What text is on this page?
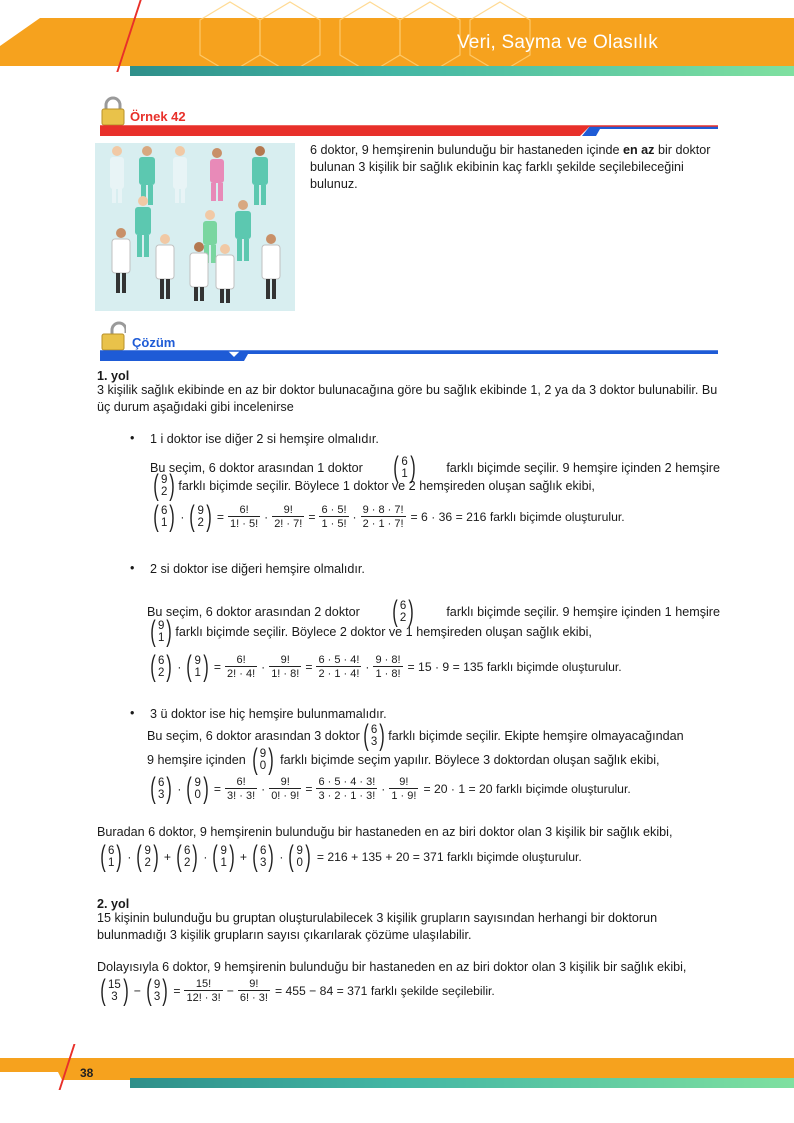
Veri, Sayma ve Olasılık
Örnek 42
6 doktor, 9 hemşirenin bulunduğu bir hastaneden içinde en az bir doktor bulunan 3 kişilik bir sağlık ekibinin kaç farklı şekilde seçilebileceğini bulunuz.
Çözüm
1. yol
3 kişilik sağlık ekibinde en az bir doktor bulunacağına göre bu sağlık ekibinde 1, 2 ya da 3 doktor bulunabilir. Bu üç durum aşağıdaki gibi incelenirse
• 1 i doktor ise diğer 2 si hemşire olmalıdır.
Bu seçim, 6 doktor arasından 1 doktor ( 6
1 ) farklı biçimde seçilir. 9 hemşire içinden 2 hemşire
( 9
2 ) farklı biçimde seçilir. Böylece 1 doktor ve 2 hemşireden oluşan sağlık ekibi,
( 6
1 ) · ( 9
2 ) = $\frac{6!}{1! \cdot 5!} \cdot \frac{9!}{2! \cdot 7!} = \frac{6 \cdot 5!}{1 \cdot 5!} \cdot \frac{9 \cdot 8 \cdot 7!}{2 \cdot 1 \cdot 7!} = 6 \cdot 36 = 216$ farklı biçimde oluşturulur.
• 2 si doktor ise diğeri hemşire olmalıdır.
Bu seçim, 6 doktor arasından 2 doktor ( 6
2 )	farklı biçimde seçilir. 9 hemşire içinden 1 hemşire
( 9
1 ) farklı biçimde seçilir. Böylece 2 doktor ve 1 hemşireden oluşan sağlık ekibi,
( 6
2 ) · ( 9
1 ) = $\frac{6!}{2! \cdot 4!} \cdot \frac{9!}{1! \cdot 8!} = \frac{6 \cdot 5 \cdot 4!}{2 \cdot 1 \cdot 4!} \cdot \frac{9 \cdot 8!}{1 \cdot 8!} = 15 \cdot 9 = 135$ farklı biçimde oluşturulur.
• 3 ü doktor ise hiç hemşire bulunmamalıdır.
Bu seçim, 6 doktor arasından 3 doktor ( 6
3 ) farklı biçimde seçilir. Ekipte hemşire olmayacağından
9 hemşire içinden ( 9
0 ) farklı biçimde seçim yapılır. Böylece 3 doktordan oluşan sağlık ekibi,
( 6
3 ) · ( 9
0 ) = $\frac{6!}{3! \cdot 3!} \cdot \frac{9!}{0! \cdot 9!} = \frac{6 \cdot 5 \cdot 4 \cdot 3!}{3 \cdot 2 \cdot 1 \cdot 3!} \cdot \frac{9!}{1 \cdot 9!} = 20 \cdot 1 = 20$ farklı biçimde oluşturulur.
Buradan 6 doktor, 9 hemşirenin bulunduğu bir hastaneden en az biri doktor olan 3 kişilik bir sağlık ekibi,
( 6
1 ) · ( 9
2 ) + ( 6
2 ) · ( 9
1 ) + ( 6
3 ) · ( 9
0 ) = 216 + 135 + 20 = 371 farklı biçimde oluşturulur.
2. yol
15 kişinin bulunduğu bu gruptan oluşturulabilecek 3 kişilik grupların sayısından herhangi bir doktorun bulunmadığı 3 kişilik grupların sayısı çıkarılarak çözüme ulaşılabilir.
Dolayısıyla 6 doktor, 9 hemşirenin bulunduğu bir hastaneden en az biri doktor olan 3 kişilik bir sağlık ekibi,
( 15
3 ) − ( 9
3 ) = $\frac{15!}{12! \cdot 3!} - \frac{9!}{6! \cdot 3!} = 455 - 84 = 371$ farklı şekilde seçilebilir.
38
